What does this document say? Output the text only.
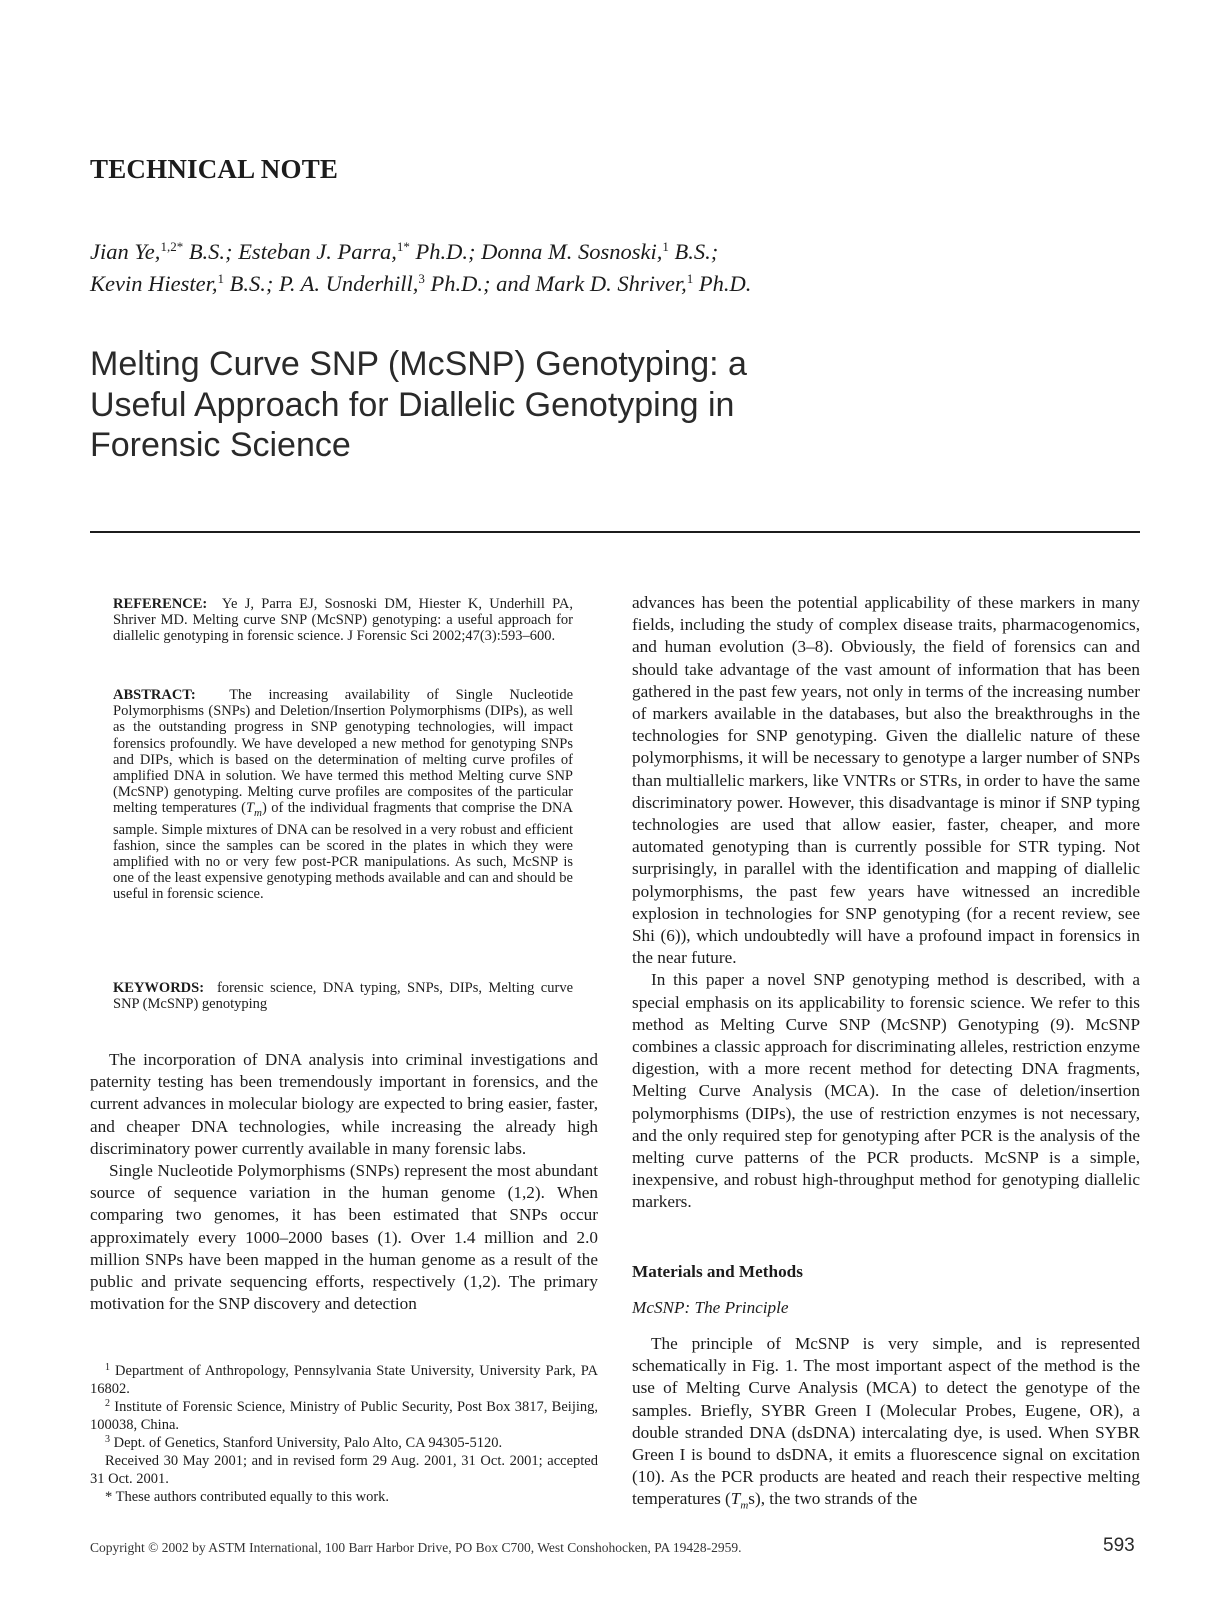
TECHNICAL NOTE
Jian Ye,$^{1,2*}$ B.S.; Esteban J. Parra,$^{1*}$ Ph.D.; Donna M. Sosnoski,$^1$ B.S.;
Kevin Hiester,$^1$ B.S.; P. A. Underhill,$^3$ Ph.D.; and Mark D. Shriver,$^1$ Ph.D.
Melting Curve SNP (McSNP) Genotyping: a Useful Approach for Diallelic Genotyping in Forensic Science
REFERENCE: Ye J, Parra EJ, Sosnoski DM, Hiester K, Underhill PA, Shriver MD. Melting curve SNP (McSNP) genotyping: a useful approach for diallelic genotyping in forensic science. J Forensic Sci 2002;47(3):593–600.
ABSTRACT: The increasing availability of Single Nucleotide Polymorphisms (SNPs) and Deletion/Insertion Polymorphisms (DIPs), as well as the outstanding progress in SNP genotyping technologies, will impact forensics profoundly. We have developed a new method for genotyping SNPs and DIPs, which is based on the determination of melting curve profiles of amplified DNA in solution. We have termed this method Melting curve SNP (McSNP) genotyping. Melting curve profiles are composites of the particular melting temperatures $(T_m)$ of the individual fragments that comprise the DNA sample. Simple mixtures of DNA can be resolved in a very robust and efficient fashion, since the samples can be scored in the plates in which they were amplified with no or very few post-PCR manipulations. As such, McSNP is one of the least expensive genotyping methods available and can and should be useful in forensic science.
KEYWORDS: forensic science, DNA typing, SNPs, DIPs, Melting curve SNP (McSNP) genotyping

The incorporation of DNA analysis into criminal investigations and paternity testing has been tremendously important in forensics, and the current advances in molecular biology are expected to bring easier, faster, and cheaper DNA technologies, while increasing the already high discriminatory power currently available in many forensic labs.

Single Nucleotide Polymorphisms (SNPs) represent the most abundant source of sequence variation in the human genome (1,2). When comparing two genomes, it has been estimated that SNPs occur approximately every 1000–2000 bases (1). Over 1.4 million and 2.0 million SNPs have been mapped in the human genome as a result of the public and private sequencing efforts, respectively (1,2). The primary motivation for the SNP discovery and detection

$^1$ Department of Anthropology, Pennsylvania State University, University Park, PA 16802.

$^2$ Institute of Forensic Science, Ministry of Public Security, Post Box 3817, Beijing, 100038, China.

$^3$ Dept. of Genetics, Stanford University, Palo Alto, CA 94305-5120.

Received 30 May 2001; and in revised form 29 Aug. 2001, 31 Oct. 2001; accepted 31 Oct. 2001.

* These authors contributed equally to this work.

advances has been the potential applicability of these markers in many fields, including the study of complex disease traits, pharmacogenomics, and human evolution (3–8). Obviously, the field of forensics can and should take advantage of the vast amount of information that has been gathered in the past few years, not only in terms of the increasing number of markers available in the databases, but also the breakthroughs in the technologies for SNP genotyping. Given the diallelic nature of these polymorphisms, it will be necessary to genotype a larger number of SNPs than multiallelic markers, like VNTRs or STRs, in order to have the same discriminatory power. However, this disadvantage is minor if SNP typing technologies are used that allow easier, faster, cheaper, and more automated genotyping than is currently possible for STR typing. Not surprisingly, in parallel with the identification and mapping of diallelic polymorphisms, the past few years have witnessed an incredible explosion in technologies for SNP genotyping (for a recent review, see Shi (6)), which undoubtedly will have a profound impact in forensics in the near future.

In this paper a novel SNP genotyping method is described, with a special emphasis on its applicability to forensic science. We refer to this method as Melting Curve SNP (McSNP) Genotyping (9). McSNP combines a classic approach for discriminating alleles, restriction enzyme digestion, with a more recent method for detecting DNA fragments, Melting Curve Analysis (MCA). In the case of deletion/insertion polymorphisms (DIPs), the use of restriction enzymes is not necessary, and the only required step for genotyping after PCR is the analysis of the melting curve patterns of the PCR products. McSNP is a simple, inexpensive, and robust high-throughput method for genotyping diallelic markers.

Materials and Methods
McSNP: The Principle

The principle of McSNP is very simple, and is represented schematically in Fig. 1. The most important aspect of the method is the use of Melting Curve Analysis (MCA) to detect the genotype of the samples. Briefly, SYBR Green I (Molecular Probes, Eugene, OR), a double stranded DNA (dsDNA) intercalating dye, is used. When SYBR Green I is bound to dsDNA, it emits a fluorescence signal on excitation (10). As the PCR products are heated and reach their respective melting temperatures $(T_ms)$, the two strands of the

Copyright © 2002 by ASTM International, 100 Barr Harbor Drive, PO Box C700, West Conshohocken, PA 19428-2959.	593
